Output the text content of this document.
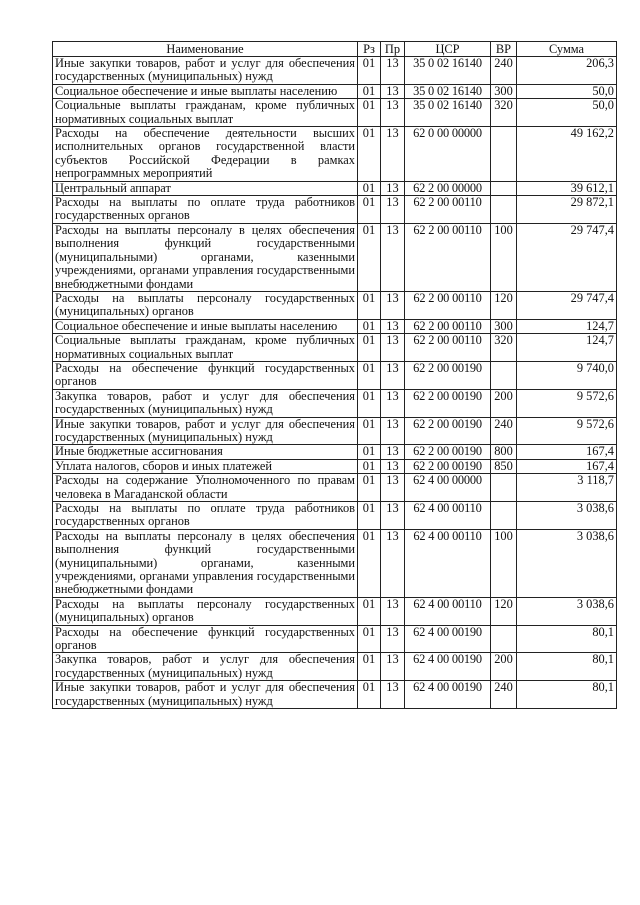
Наименование	Рз	Пр	ЦСР	ВР	Сумма
Иные закупки товаров, работ и услуг для обеспечения государственных (муниципальных) нужд	01	13	35 0 02 16140	240	206,3
Социальное обеспечение и иные выплаты населению	01	13	35 0 02 16140	300	50,0
Социальные выплаты гражданам, кроме публичных нормативных социальных выплат	01	13	35 0 02 16140	320	50,0
Расходы на обеспечение деятельности высших исполнительных органов государственной власти субъектов Российской Федерации в рамках непрограммных мероприятий	01	13	62 0 00 00000		49 162,2
Центральный аппарат	01	13	62 2 00 00000		39 612,1
Расходы на выплаты по оплате труда работников государственных органов	01	13	62 2 00 00110		29 872,1
Расходы на выплаты персоналу в целях обеспечения выполнения функций государственными (муниципальными) органами, казенными учреждениями, органами управления государственными внебюджетными фондами	01	13	62 2 00 00110	100	29 747,4
Расходы на выплаты персоналу государственных (муниципальных) органов	01	13	62 2 00 00110	120	29 747,4
Социальное обеспечение и иные выплаты населению	01	13	62 2 00 00110	300	124,7
Социальные выплаты гражданам, кроме публичных нормативных социальных выплат	01	13	62 2 00 00110	320	124,7
Расходы на обеспечение функций государственных органов	01	13	62 2 00 00190		9 740,0
Закупка товаров, работ и услуг для обеспечения государственных (муниципальных) нужд	01	13	62 2 00 00190	200	9 572,6
Иные закупки товаров, работ и услуг для обеспечения государственных (муниципальных) нужд	01	13	62 2 00 00190	240	9 572,6
Иные бюджетные ассигнования	01	13	62 2 00 00190	800	167,4
Уплата налогов, сборов и иных платежей	01	13	62 2 00 00190	850	167,4
Расходы на содержание Уполномоченного по правам человека в Магаданской области	01	13	62 4 00 00000		3 118,7
Расходы на выплаты по оплате труда работников государственных органов	01	13	62 4 00 00110		3 038,6
Расходы на выплаты персоналу в целях обеспечения выполнения функций государственными (муниципальными) органами, казенными учреждениями, органами управления государственными внебюджетными фондами	01	13	62 4 00 00110	100	3 038,6
Расходы на выплаты персоналу государственных (муниципальных) органов	01	13	62 4 00 00110	120	3 038,6
Расходы на обеспечение функций государственных органов	01	13	62 4 00 00190		80,1
Закупка товаров, работ и услуг для обеспечения государственных (муниципальных) нужд	01	13	62 4 00 00190	200	80,1
Иные закупки товаров, работ и услуг для обеспечения государственных (муниципальных) нужд	01	13	62 4 00 00190	240	80,1
